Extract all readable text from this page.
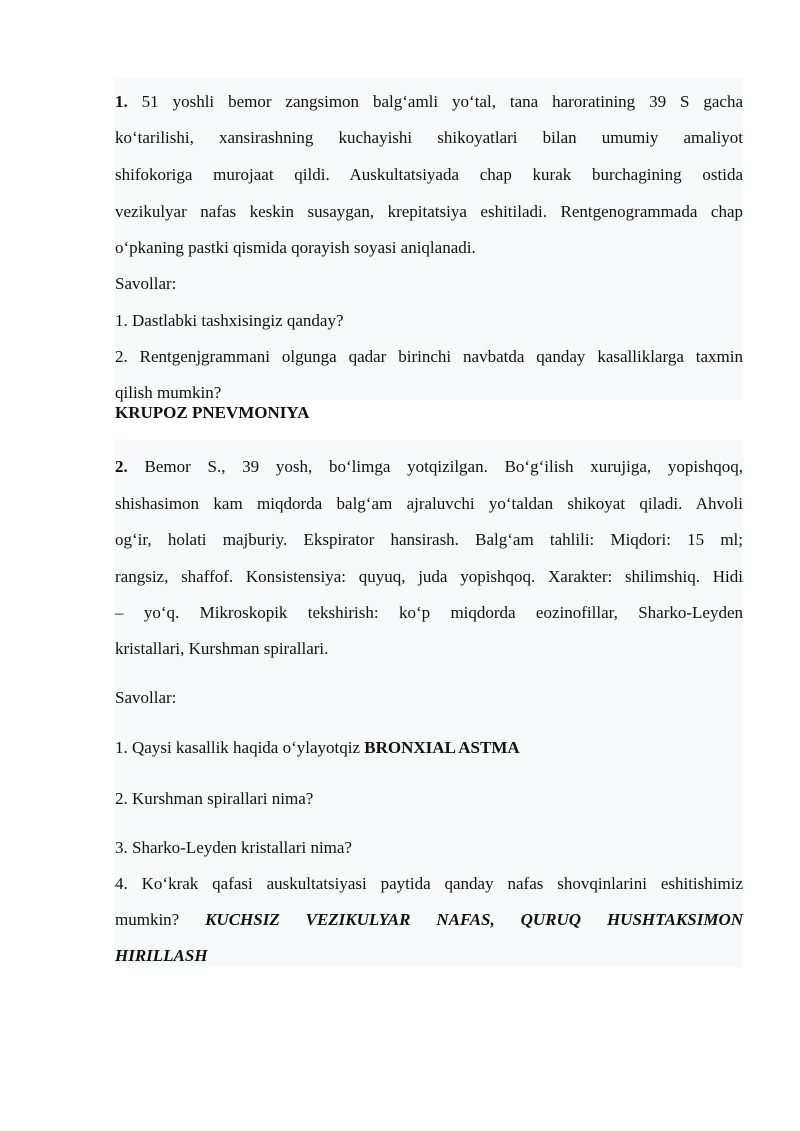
1. 51 yoshli bemor zangsimon balg‘amli yo‘tal, tana haroratining 39 S gacha

ko‘tarilishi, xansirashning kuchayishi shikoyatlari bilan umumiy amaliyot

shifokoriga murojaat qildi. Auskultatsiyada chap kurak burchagining ostida

vezikulyar nafas keskin susaygan, krepitatsiya eshitiladi. Rentgenogrammada chap

o‘pkaning pastki qismida qorayish soyasi aniqlanadi.

Savollar:

1. Dastlabki tashxisingiz qanday?

2. Rentgenjgrammani olgunga qadar birinchi navbatda qanday kasalliklarga taxmin

qilish mumkin?

KRUPOZ PNEVMONIYA

2. Bemor S., 39 yosh, bo‘limga yotqizilgan. Bo‘g‘ilish xurujiga, yopishqoq,

shishasimon kam miqdorda balg‘am ajraluvchi yo‘taldan shikoyat qiladi. Ahvoli

og‘ir, holati majburiy. Ekspirator hansirash. Balg‘am tahlili: Miqdori: 15 ml;

rangsiz, shaffof. Konsistensiya: quyuq, juda yopishqoq. Xarakter: shilimshiq. Hidi

– yo‘q. Mikroskopik tekshirish: ko‘p miqdorda eozinofillar, Sharko-Leyden

kristallari, Kurshman spirallari.

Savollar:

1. Qaysi kasallik haqida o‘ylayotqiz BRONXIAL ASTMA

2. Kurshman spirallari nima?

3. Sharko-Leyden kristallari nima?

4. Ko‘krak qafasi auskultatsiyasi paytida qanday nafas shovqinlarini eshitishimiz

mumkin? KUCHSIZ VEZIKULYAR NAFAS, QURUQ HUSHTAKSIMON

HIRILLASH
